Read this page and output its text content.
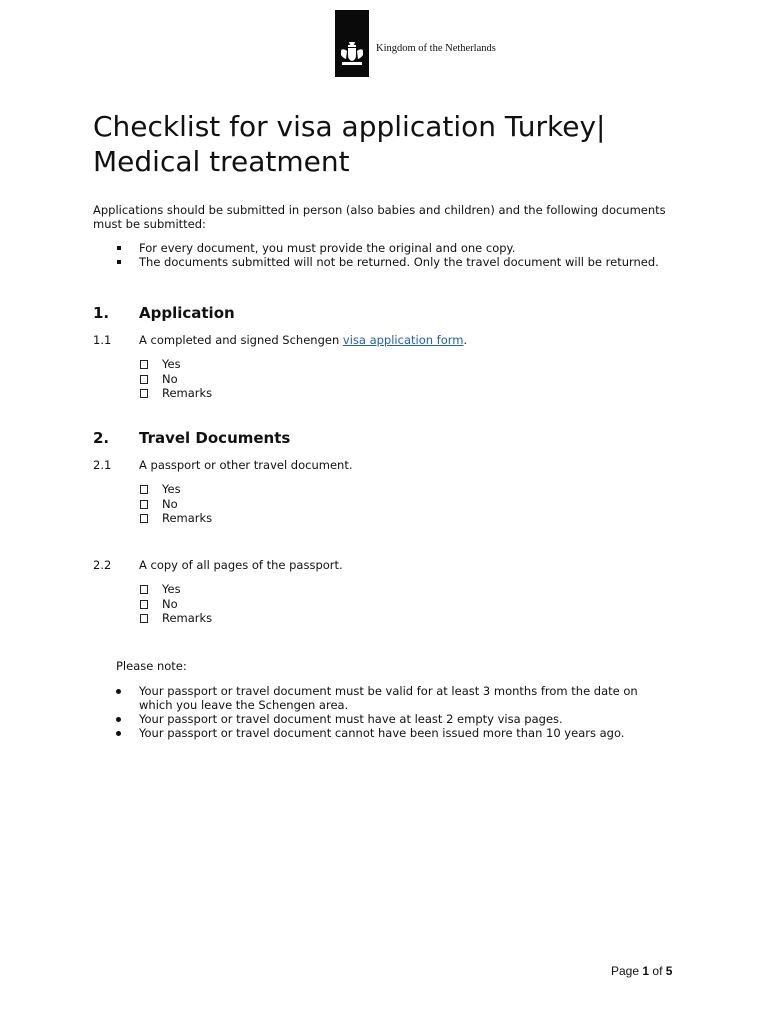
Kingdom of the Netherlands
Checklist for visa application Turkey|
Medical treatment
Applications should be submitted in person (also babies and children) and the following documents
must be submitted:
For every document, you must provide the original and one copy.
The documents submitted will not be returned. Only the travel document will be returned.
1. Application
1.1 A completed and signed Schengen visa application form.
Yes
No
Remarks
2. Travel Documents
2.1 A passport or other travel document.
Yes
No
Remarks
2.2 A copy of all pages of the passport.
Yes
No
Remarks
Please note:
Your passport or travel document must be valid for at least 3 months from the date on
which you leave the Schengen area.
Your passport or travel document must have at least 2 empty visa pages.
Your passport or travel document cannot have been issued more than 10 years ago.
Page 1 of 5
